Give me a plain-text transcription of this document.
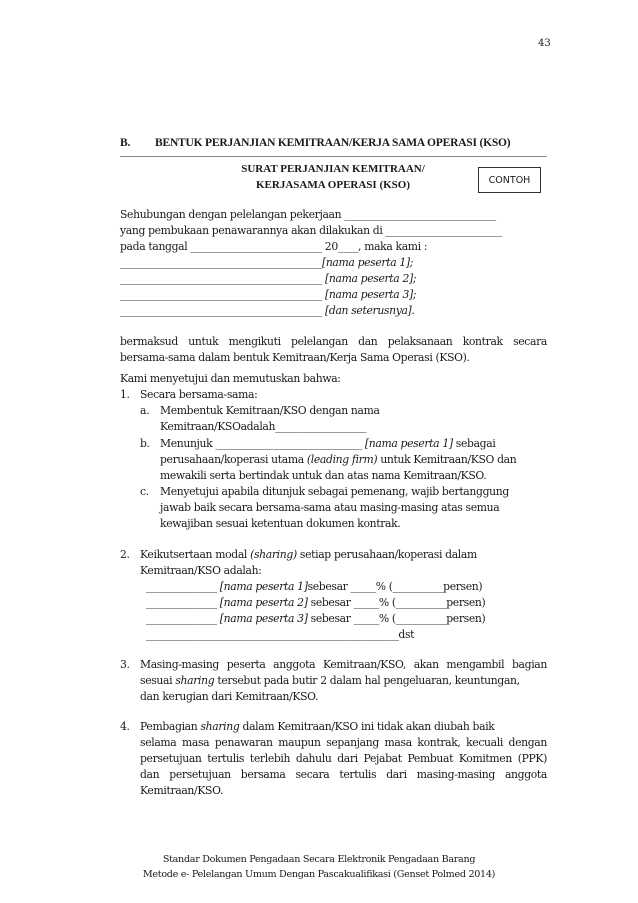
43
B. BENTUK PERJANJIAN KEMITRAAN/KERJA SAMA OPERASI (KSO)
SURAT PERJANJIAN KEMITRAAN/
KERJASAMA OPERASI (KSO)	CONTOH
Sehubungan dengan pelelangan pekerjaan ______________________________
yang pembukaan penawarannya akan dilakukan di _______________________
pada tanggal __________________________ 20____, maka kami :
________________________________________[nama peserta 1];
________________________________________ [nama peserta 2];
________________________________________ [nama peserta 3];
________________________________________ [dan seterusnya].
bermaksud untuk mengikuti pelelangan dan pelaksanaan kontrak secara
bersama-sama dalam bentuk Kemitraan/Kerja Sama Operasi (KSO).
Kami menyetujui dan memutuskan bahwa:
1. Secara bersama-sama:
a. Membentuk Kemitraan/KSO dengan nama
Kemitraan/KSOadalah__________________
b. Menunjuk _____________________________ [nama peserta 1] sebagai
perusahaan/koperasi utama (leading firm) untuk Kemitraan/KSO dan
mewakili serta bertindak untuk dan atas nama Kemitraan/KSO.
c. Menyetujui apabila ditunjuk sebagai pemenang, wajib bertanggung
jawab baik secara bersama-sama atau masing-masing atas semua
kewajiban sesuai ketentuan dokumen kontrak.
2. Keikutsertaan modal (sharing) setiap perusahaan/koperasi dalam
Kemitraan/KSO adalah:
______________ [nama peserta 1]sebesar _____% (__________persen)
______________ [nama peserta 2] sebesar _____% (__________persen)
______________ [nama peserta 3] sebesar _____% (__________persen)
__________________________________________________dst
3. Masing-masing peserta anggota Kemitraan/KSO, akan mengambil bagian
sesuai sharing tersebut pada butir 2 dalam hal pengeluaran, keuntungan,
dan kerugian dari Kemitraan/KSO.
4. Pembagian sharing dalam Kemitraan/KSO ini tidak akan diubah baik
selama masa penawaran maupun sepanjang masa kontrak, kecuali dengan
persetujuan tertulis terlebih dahulu dari Pejabat Pembuat Komitmen (PPK)
dan persetujuan bersama secara tertulis dari masing-masing anggota
Kemitraan/KSO.
Standar Dokumen Pengadaan Secara Elektronik Pengadaan Barang
Metode e- Pelelangan Umum Dengan Pascakualifikasi (Genset Polmed 2014)
